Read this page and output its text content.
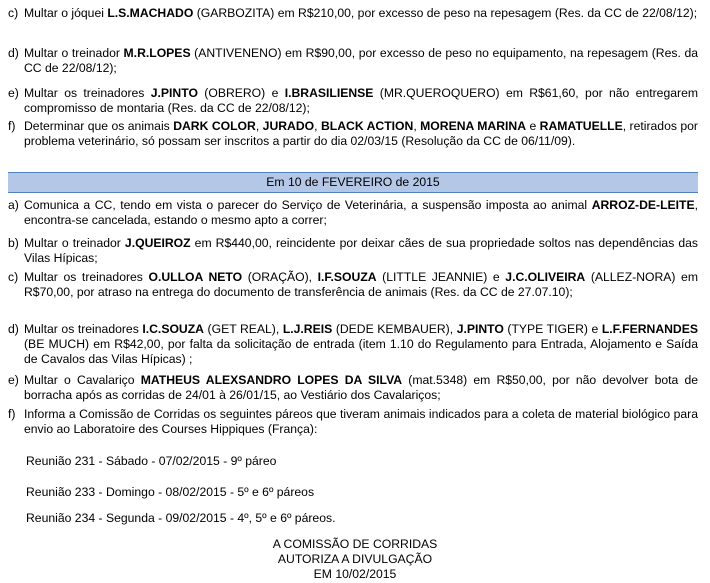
c) Multar o jóquei L.S.MACHADO (GARBOZITA) em R$210,00, por excesso de peso na repesagem (Res. da CC de 22/08/12);
d) Multar o treinador M.R.LOPES (ANTIVENENO) em R$90,00, por excesso de peso no equipamento, na repesagem (Res. da CC de 22/08/12);
e) Multar os treinadores J.PINTO (OBRERO) e I.BRASILIENSE (MR.QUEROQUERO) em R$61,60, por não entregarem compromisso de montaria (Res. da CC de 22/08/12);
f) Determinar que os animais DARK COLOR, JURADO, BLACK ACTION, MORENA MARINA e RAMATUELLE, retirados por problema veterinário, só possam ser inscritos a partir do dia 02/03/15 (Resolução da CC de 06/11/09).
Em 10 de FEVEREIRO de 2015
a) Comunica a CC, tendo em vista o parecer do Serviço de Veterinária, a suspensão imposta ao animal ARROZ-DE-LEITE, encontra-se cancelada, estando o mesmo apto a correr;
b) Multar o treinador J.QUEIROZ em R$440,00, reincidente por deixar cães de sua propriedade soltos nas dependências das Vilas Hípicas;
c) Multar os treinadores O.ULLOA NETO (ORAÇÃO), I.F.SOUZA (LITTLE JEANNIE) e J.C.OLIVEIRA (ALLEZ-NORA) em R$70,00, por atraso na entrega do documento de transferência de animais (Res. da CC de 27.07.10);
d) Multar os treinadores I.C.SOUZA (GET REAL), L.J.REIS (DEDE KEMBAUER), J.PINTO (TYPE TIGER) e L.F.FERNANDES (BE MUCH) em R$42,00, por falta da solicitação de entrada (item 1.10 do Regulamento para Entrada, Alojamento e Saída de Cavalos das Vilas Hípicas) ;
e) Multar o Cavalariço MATHEUS ALEXSANDRO LOPES DA SILVA (mat.5348) em R$50,00, por não devolver bota de borracha após as corridas de 24/01 à 26/01/15, ao Vestiário dos Cavalariços;
f) Informa a Comissão de Corridas os seguintes páreos que tiveram animais indicados para a coleta de material biológico para envio ao Laboratoire des Courses Hippiques (França):
Reunião 231 - Sábado - 07/02/2015 - 9º páreo
Reunião 233 - Domingo - 08/02/2015 - 5º e 6º páreos
Reunião 234 - Segunda - 09/02/2015 - 4º, 5º e 6º páreos.
A COMISSÃO DE CORRIDAS
AUTORIZA A DIVULGAÇÃO
EM 10/02/2015
